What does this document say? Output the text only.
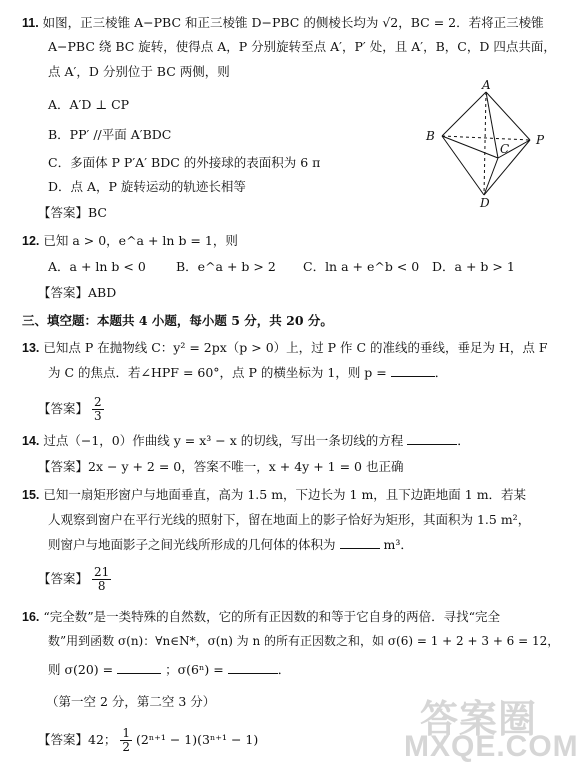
11. 如图，正三棱锥 A−PBC 和正三棱锥 D−PBC 的侧棱长均为 √2，BC = 2．若将正三棱锥
A−PBC 绕 BC 旋转，使得点 A，P 分别旋转至点 A′，P′ 处，且 A′，B，C，D 四点共面，
点 A′，D 分别位于 BC 两侧，则
A．A′D ⊥ CP
B．PP′ //平面 A′BDC
C．多面体 P P′A′ BDC 的外接球的表面积为 6 π
D．点 A，P 旋转运动的轨迹长相等
【答案】BC
A
B
C
P
D
12. 已知 a > 0，e^a + ln b = 1，则
A．a + ln b < 0 B．e^a + b > 2 C．ln a + e^b < 0 D．a + b > 1
【答案】ABD
三、填空题：本题共 4 小题，每小题 5 分，共 20 分。
13. 已知点 P 在抛物线 C：y² = 2px（p > 0）上，过 P 作 C 的准线的垂线，垂足为 H，点 F
为 C 的焦点．若∠HPF = 60°，点 P 的横坐标为 1，则 p =	．
【答案】 $\frac{2}{3}$
14. 过点（−1，0）作曲线 y = x³ − x 的切线，写出一条切线的方程	．
【答案】2x − y + 2 = 0，答案不唯一，x + 4y + 1 = 0 也正确
15. 已知一扇矩形窗户与地面垂直，高为 1.5 m，下边长为 1 m，且下边距地面 1 m．若某
人观察到窗户在平行光线的照射下，留在地面上的影子恰好为矩形，其面积为 1.5 m²，
则窗户与地面影子之间光线所形成的几何体的体积为	m³．
【答案】 $\frac{21}{8}$
16. “完全数”是一类特殊的自然数，它的所有正因数的和等于它自身的两倍．寻找“完全
数”用到函数 σ(n)：∀n∈N*，σ(n) 为 n 的所有正因数之和，如 σ(6) = 1 + 2 + 3 + 6 = 12，
则 σ(20) =	；σ(6ⁿ) =	．
（第一空 2 分，第二空 3 分）
【答案】42； $\frac{1}{2} (2^{n+1} - 1)(3^{n+1} - 1)$	答案圈
MXQE.COM
